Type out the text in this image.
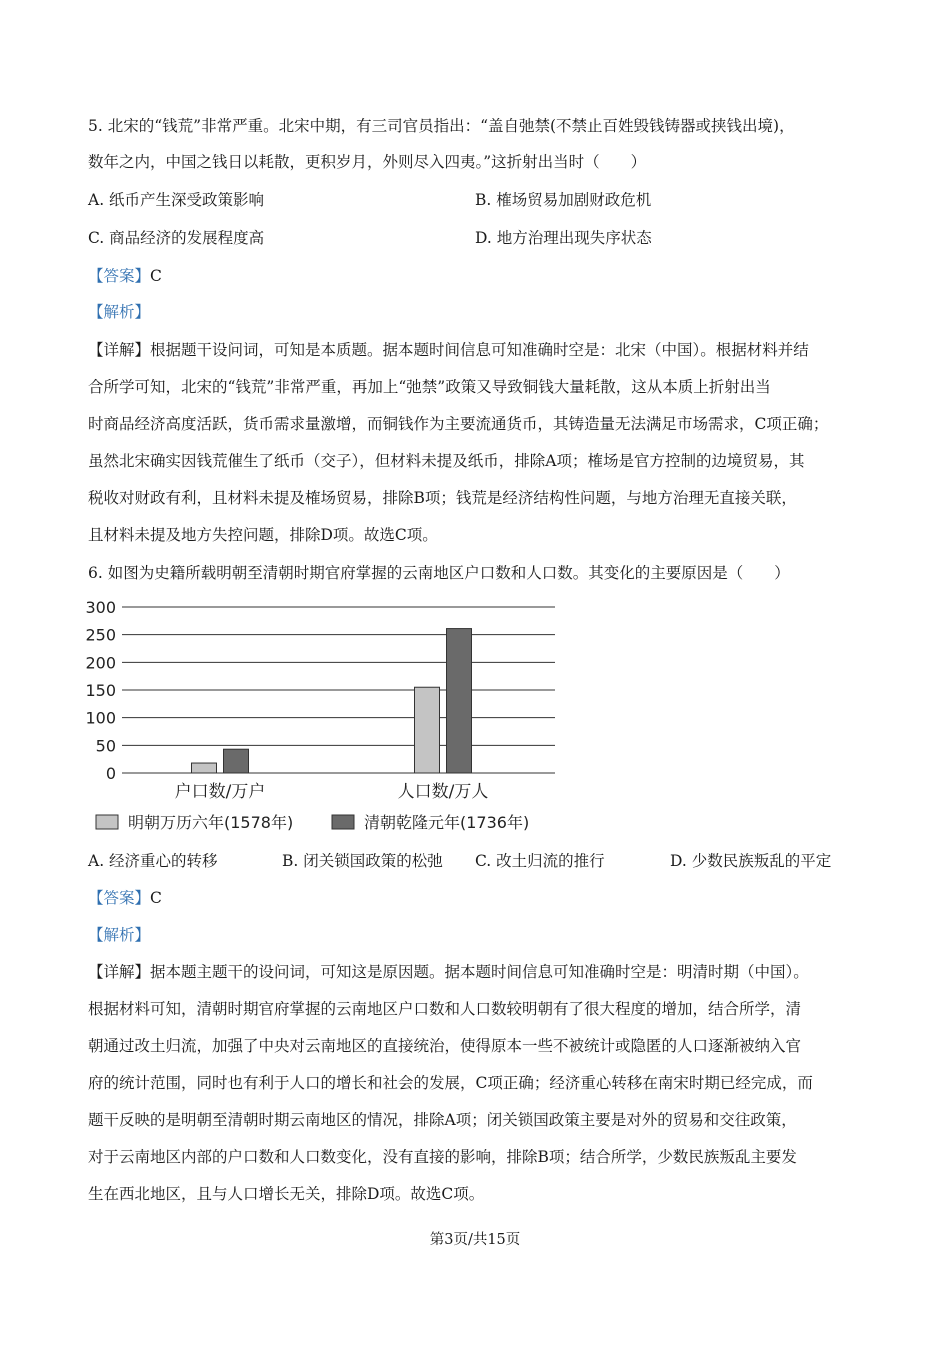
5. 北宋的“钱荒”非常严重。北宋中期，有三司官员指出：“盖自弛禁(不禁止百姓毁钱铸器或挟钱出境)，
数年之内，中国之钱日以耗散，更积岁月，外则尽入四夷。”这折射出当时（　　）
A. 纸币产生深受政策影响	B. 榷场贸易加剧财政危机
C. 商品经济的发展程度高	D. 地方治理出现失序状态
【答案】C
【解析】
【详解】根据题干设问词，可知是本质题。据本题时间信息可知准确时空是：北宋（中国）。根据材料并结
合所学可知，北宋的“钱荒”非常严重，再加上“弛禁”政策又导致铜钱大量耗散，这从本质上折射出当
时商品经济高度活跃，货币需求量激增，而铜钱作为主要流通货币，其铸造量无法满足市场需求，C项正确；
虽然北宋确实因钱荒催生了纸币（交子），但材料未提及纸币，排除A项；榷场是官方控制的边境贸易，其
税收对财政有利，且材料未提及榷场贸易，排除B项；钱荒是经济结构性问题，与地方治理无直接关联，
且材料未提及地方失控问题，排除D项。故选C项。
6. 如图为史籍所载明朝至清朝时期官府掌握的云南地区户口数和人口数。其变化的主要原因是（　　）
0
50
100
150
200
250
300
户口数/万户	人口数/万人
明朝万历六年(1578年)	清朝乾隆元年(1736年)
A. 经济重心的转移	B. 闭关锁国政策的松弛 C. 改土归流的推行	D. 少数民族叛乱的平定
【答案】C
【解析】
【详解】据本题主题干的设问词，可知这是原因题。据本题时间信息可知准确时空是：明清时期（中国）。
根据材料可知，清朝时期官府掌握的云南地区户口数和人口数较明朝有了很大程度的增加，结合所学，清
朝通过改土归流，加强了中央对云南地区的直接统治，使得原本一些不被统计或隐匿的人口逐渐被纳入官
府的统计范围，同时也有利于人口的增长和社会的发展，C项正确；经济重心转移在南宋时期已经完成，而
题干反映的是明朝至清朝时期云南地区的情况，排除A项；闭关锁国政策主要是对外的贸易和交往政策，
对于云南地区内部的户口数和人口数变化，没有直接的影响，排除B项；结合所学，少数民族叛乱主要发
生在西北地区，且与人口增长无关，排除D项。故选C项。
第3页/共15页
